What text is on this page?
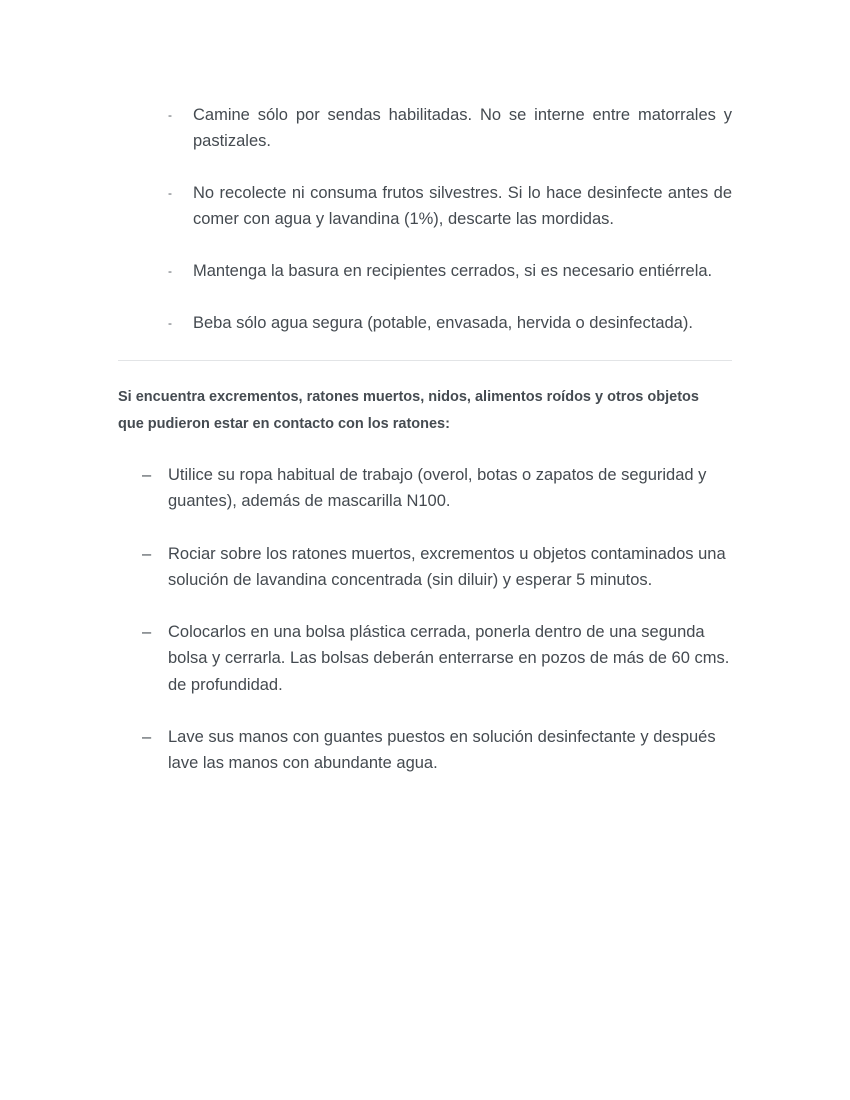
- Camine sólo por sendas habilitadas. No se interne entre matorrales y pastizales.
- No recolecte ni consuma frutos silvestres. Si lo hace desinfecte antes de comer con agua y lavandina (1%), descarte las mordidas.
- Mantenga la basura en recipientes cerrados, si es necesario entiérrela.
- Beba sólo agua segura (potable, envasada, hervida o desinfectada).

Si encuentra excrementos, ratones muertos, nidos, alimentos roídos y otros objetos que pudieron estar en contacto con los ratones:

– Utilice su ropa habitual de trabajo (overol, botas o zapatos de seguridad y guantes), además de mascarilla N100.
– Rociar sobre los ratones muertos, excrementos u objetos contaminados una solución de lavandina concentrada (sin diluir) y esperar 5 minutos.
– Colocarlos en una bolsa plástica cerrada, ponerla dentro de una segunda bolsa y cerrarla. Las bolsas deberán enterrarse en pozos de más de 60 cms. de profundidad.
– Lave sus manos con guantes puestos en solución desinfectante y después lave las manos con abundante agua.
